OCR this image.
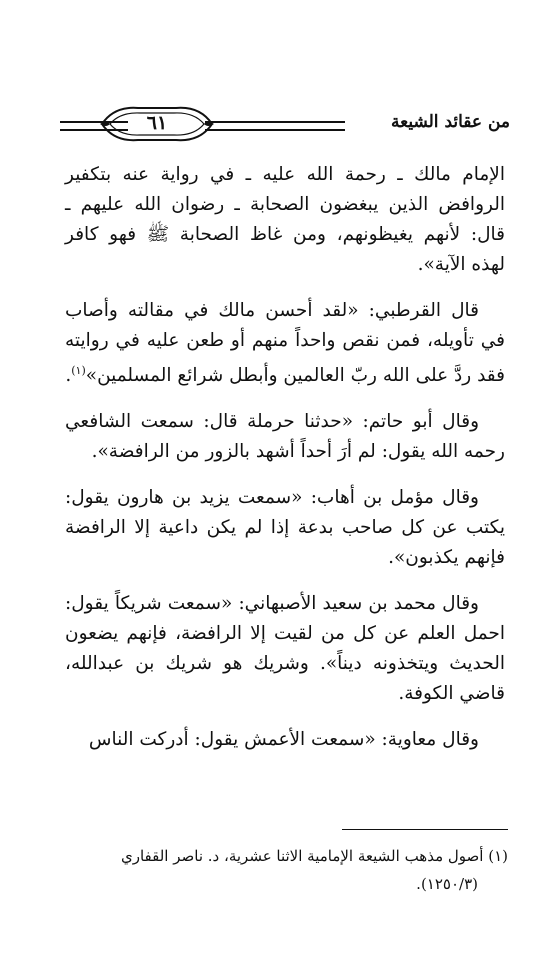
من عقائد الشيعة
٦١

الإمام مالك ـ رحمة الله عليه ـ في رواية عنه بتكفير الروافض الذين يبغضون الصحابة ـ رضوان الله عليهم ـ قال: لأنهم يغيظونهم، ومن غاظ الصحابة ﷺ فهو كافر لهذه الآية».

قال القرطبي: «لقد أحسن مالك في مقالته وأصاب في تأويله، فمن نقص واحداً منهم أو طعن عليه في روايته فقد ردَّ على الله ربّ العالمين وأبطل شرائع المسلمين»$^{(١)}$.

وقال أبو حاتم: «حدثنا حرملة قال: سمعت الشافعي رحمه الله يقول: لم أرَ أحداً أشهد بالزور من الرافضة».

وقال مؤمل بن أهاب: «سمعت يزيد بن هارون يقول: يكتب عن كل صاحب بدعة إذا لم يكن داعية إلا الرافضة فإنهم يكذبون».

وقال محمد بن سعيد الأصبهاني: «سمعت شريكاً يقول: احمل العلم عن كل من لقيت إلا الرافضة، فإنهم يضعون الحديث ويتخذونه ديناً». وشريك هو شريك بن عبدالله، قاضي الكوفة.

وقال معاوية: «سمعت الأعمش يقول: أدركت الناس

(١) أصول مذهب الشيعة الإمامية الاثنا عشرية، د. ناصر القفاري
(١٢٥٠/٣).
